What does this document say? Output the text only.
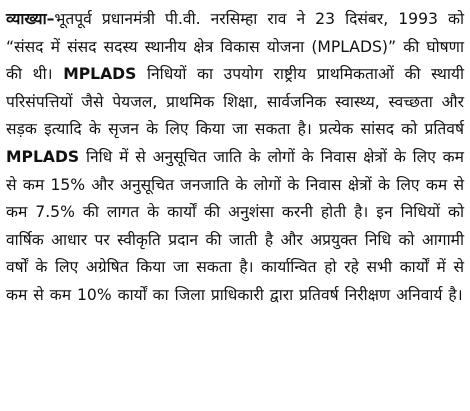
व्याख्या–भूतपूर्व प्रधानमंत्री पी.वी. नरसिम्हा राव ने 23 दिसंबर, 1993 को “संसद में संसद सदस्य स्थानीय क्षेत्र विकास योजना (MPLADS)” की घोषणा की थी। MPLADS निधियों का उपयोग राष्ट्रीय प्राथमिकताओं की स्थायी परिसंपत्तियों जैसे पेयजल, प्राथमिक शिक्षा, सार्वजनिक स्वास्थ्य, स्वच्छता और सड़क इत्यादि के सृजन के लिए किया जा सकता है। प्रत्येक सांसद को प्रतिवर्ष MPLADS निधि में से अनुसूचित जाति के लोगों के निवास क्षेत्रों के लिए कम से कम 15% और अनुसूचित जनजाति के लोगों के निवास क्षेत्रों के लिए कम से कम 7.5% की लागत के कार्यों की अनुशंसा करनी होती है। इन निधियों को वार्षिक आधार पर स्वीकृति प्रदान की जाती है और अप्रयुक्त निधि को आगामी वर्षों के लिए अग्रेषित किया जा सकता है। कार्यान्वित हो रहे सभी कार्यों में से कम से कम 10% कार्यों का जिला प्राधिकारी द्वारा प्रतिवर्ष निरीक्षण अनिवार्य है।
